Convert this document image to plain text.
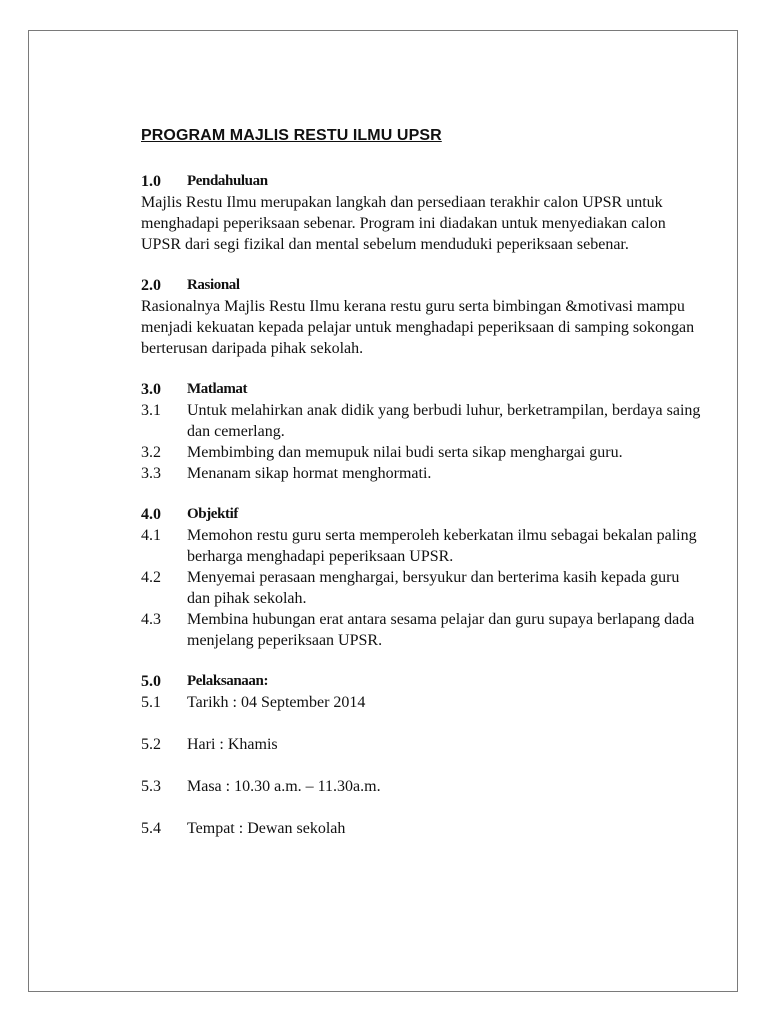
PROGRAM MAJLIS RESTU ILMU UPSR
1.0	Pendahuluan

Majlis Restu Ilmu merupakan langkah dan persediaan terakhir calon UPSR untuk menghadapi peperiksaan sebenar. Program ini diadakan untuk menyediakan calon UPSR dari segi fizikal dan mental sebelum menduduki peperiksaan sebenar.

2.0	Rasional

Rasionalnya Majlis Restu Ilmu kerana restu guru serta bimbingan &motivasi mampu menjadi kekuatan kepada pelajar untuk menghadapi peperiksaan di samping sokongan berterusan daripada pihak sekolah.

3.0	Matlamat
3.1	Untuk melahirkan anak didik yang berbudi luhur, berketrampilan, berdaya saing dan cemerlang.
3.2	Membimbing dan memupuk nilai budi serta sikap menghargai guru.
3.3	Menanam sikap hormat menghormati.
4.0	Objektif
4.1	Memohon restu guru serta memperoleh keberkatan ilmu sebagai bekalan paling berharga menghadapi peperiksaan UPSR.
4.2	Menyemai perasaan menghargai, bersyukur dan berterima kasih kepada guru dan pihak sekolah.
4.3	Membina hubungan erat antara sesama pelajar dan guru supaya berlapang dada menjelang peperiksaan UPSR.
5.0	Pelaksanaan:
5.1	Tarikh : 04 September 2014
5.2	Hari : Khamis
5.3	Masa : 10.30 a.m. – 11.30a.m.
5.4	Tempat : Dewan sekolah
